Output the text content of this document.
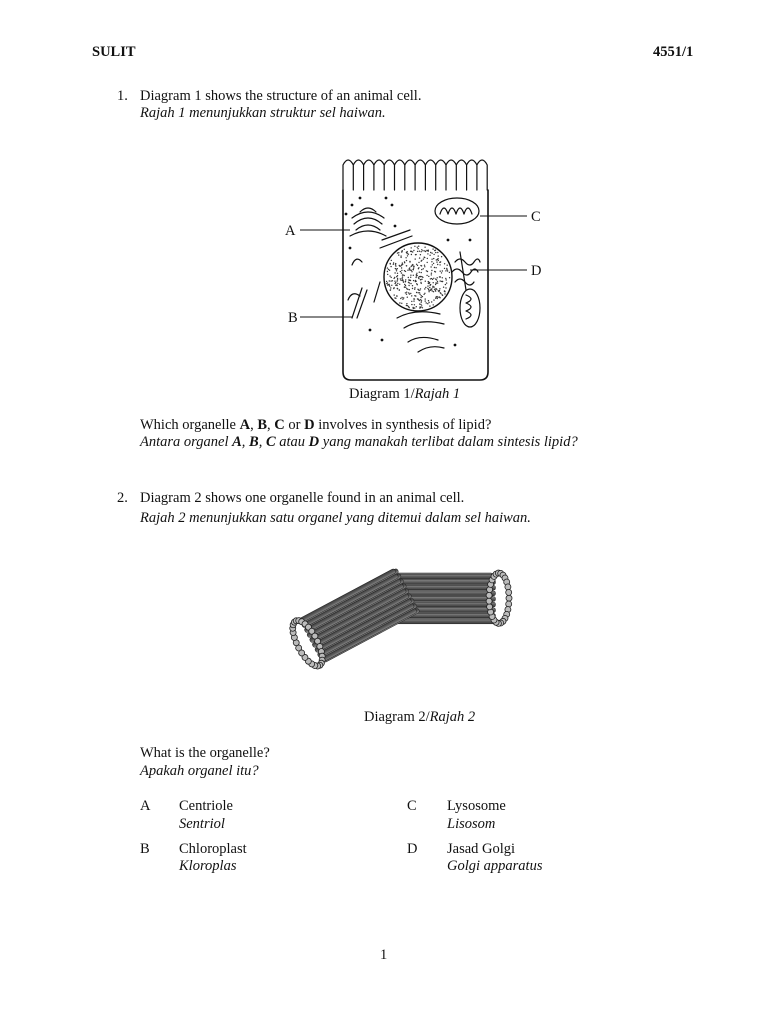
SULIT	4551/1
1. Diagram 1 shows the structure of an animal cell.
Rajah 1 menunjukkan struktur sel haiwan.
A
B
C
D
Diagram 1/Rajah 1
Which organelle A, B, C or D involves in synthesis of lipid?
Antara organel A, B, C atau D yang manakah terlibat dalam sintesis lipid?
2. Diagram 2 shows one organelle found in an animal cell.
Rajah 2 menunjukkan satu organel yang ditemui dalam sel haiwan.
Diagram 2/Rajah 2
What is the organelle?
Apakah organel itu?
A Centriole
Sentriol
B Chloroplast
Kloroplas
C Lysosome
Lisosom
D Jasad Golgi
Golgi apparatus
1
